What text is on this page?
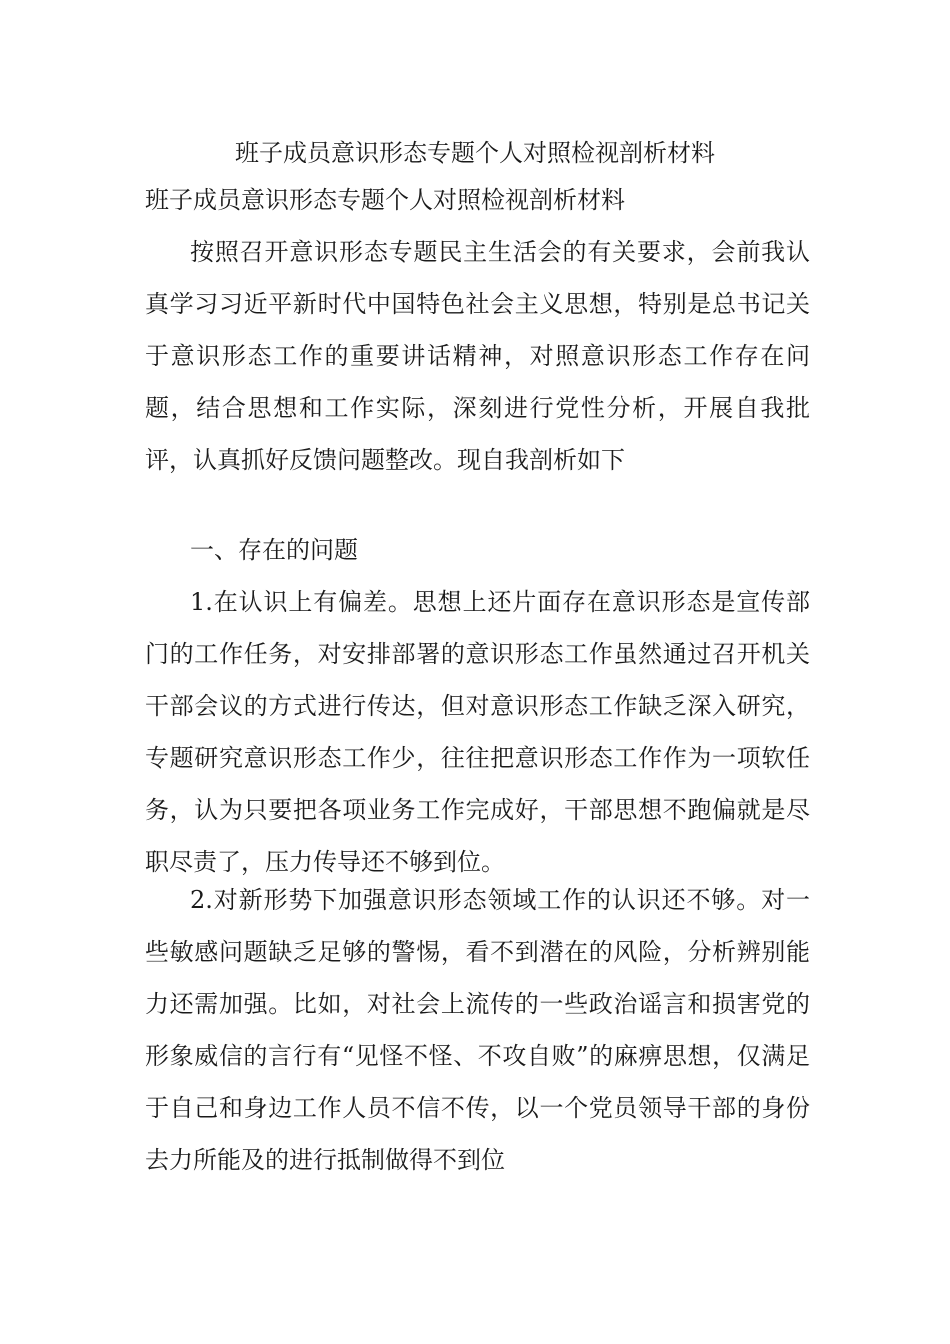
班子成员意识形态专题个人对照检视剖析材料
班子成员意识形态专题个人对照检视剖析材料

按照召开意识形态专题民主生活会的有关要求，会前我认真学习习近平新时代中国特色社会主义思想，特别是总书记关于意识形态工作的重要讲话精神，对照意识形态工作存在问题，结合思想和工作实际，深刻进行党性分析，开展自我批评，认真抓好反馈问题整改。现自我剖析如下

一、存在的问题

1.在认识上有偏差。思想上还片面存在意识形态是宣传部门的工作任务，对安排部署的意识形态工作虽然通过召开机关干部会议的方式进行传达，但对意识形态工作缺乏深入研究，专题研究意识形态工作少，往往把意识形态工作作为一项软任务，认为只要把各项业务工作完成好，干部思想不跑偏就是尽职尽责了，压力传导还不够到位。

2.对新形势下加强意识形态领域工作的认识还不够。对一些敏感问题缺乏足够的警惕，看不到潜在的风险，分析辨别能力还需加强。比如，对社会上流传的一些政治谣言和损害党的形象威信的言行有“见怪不怪、不攻自败”的麻痹思想，仅满足于自己和身边工作人员不信不传，以一个党员领导干部的身份去力所能及的进行抵制做得不到位
